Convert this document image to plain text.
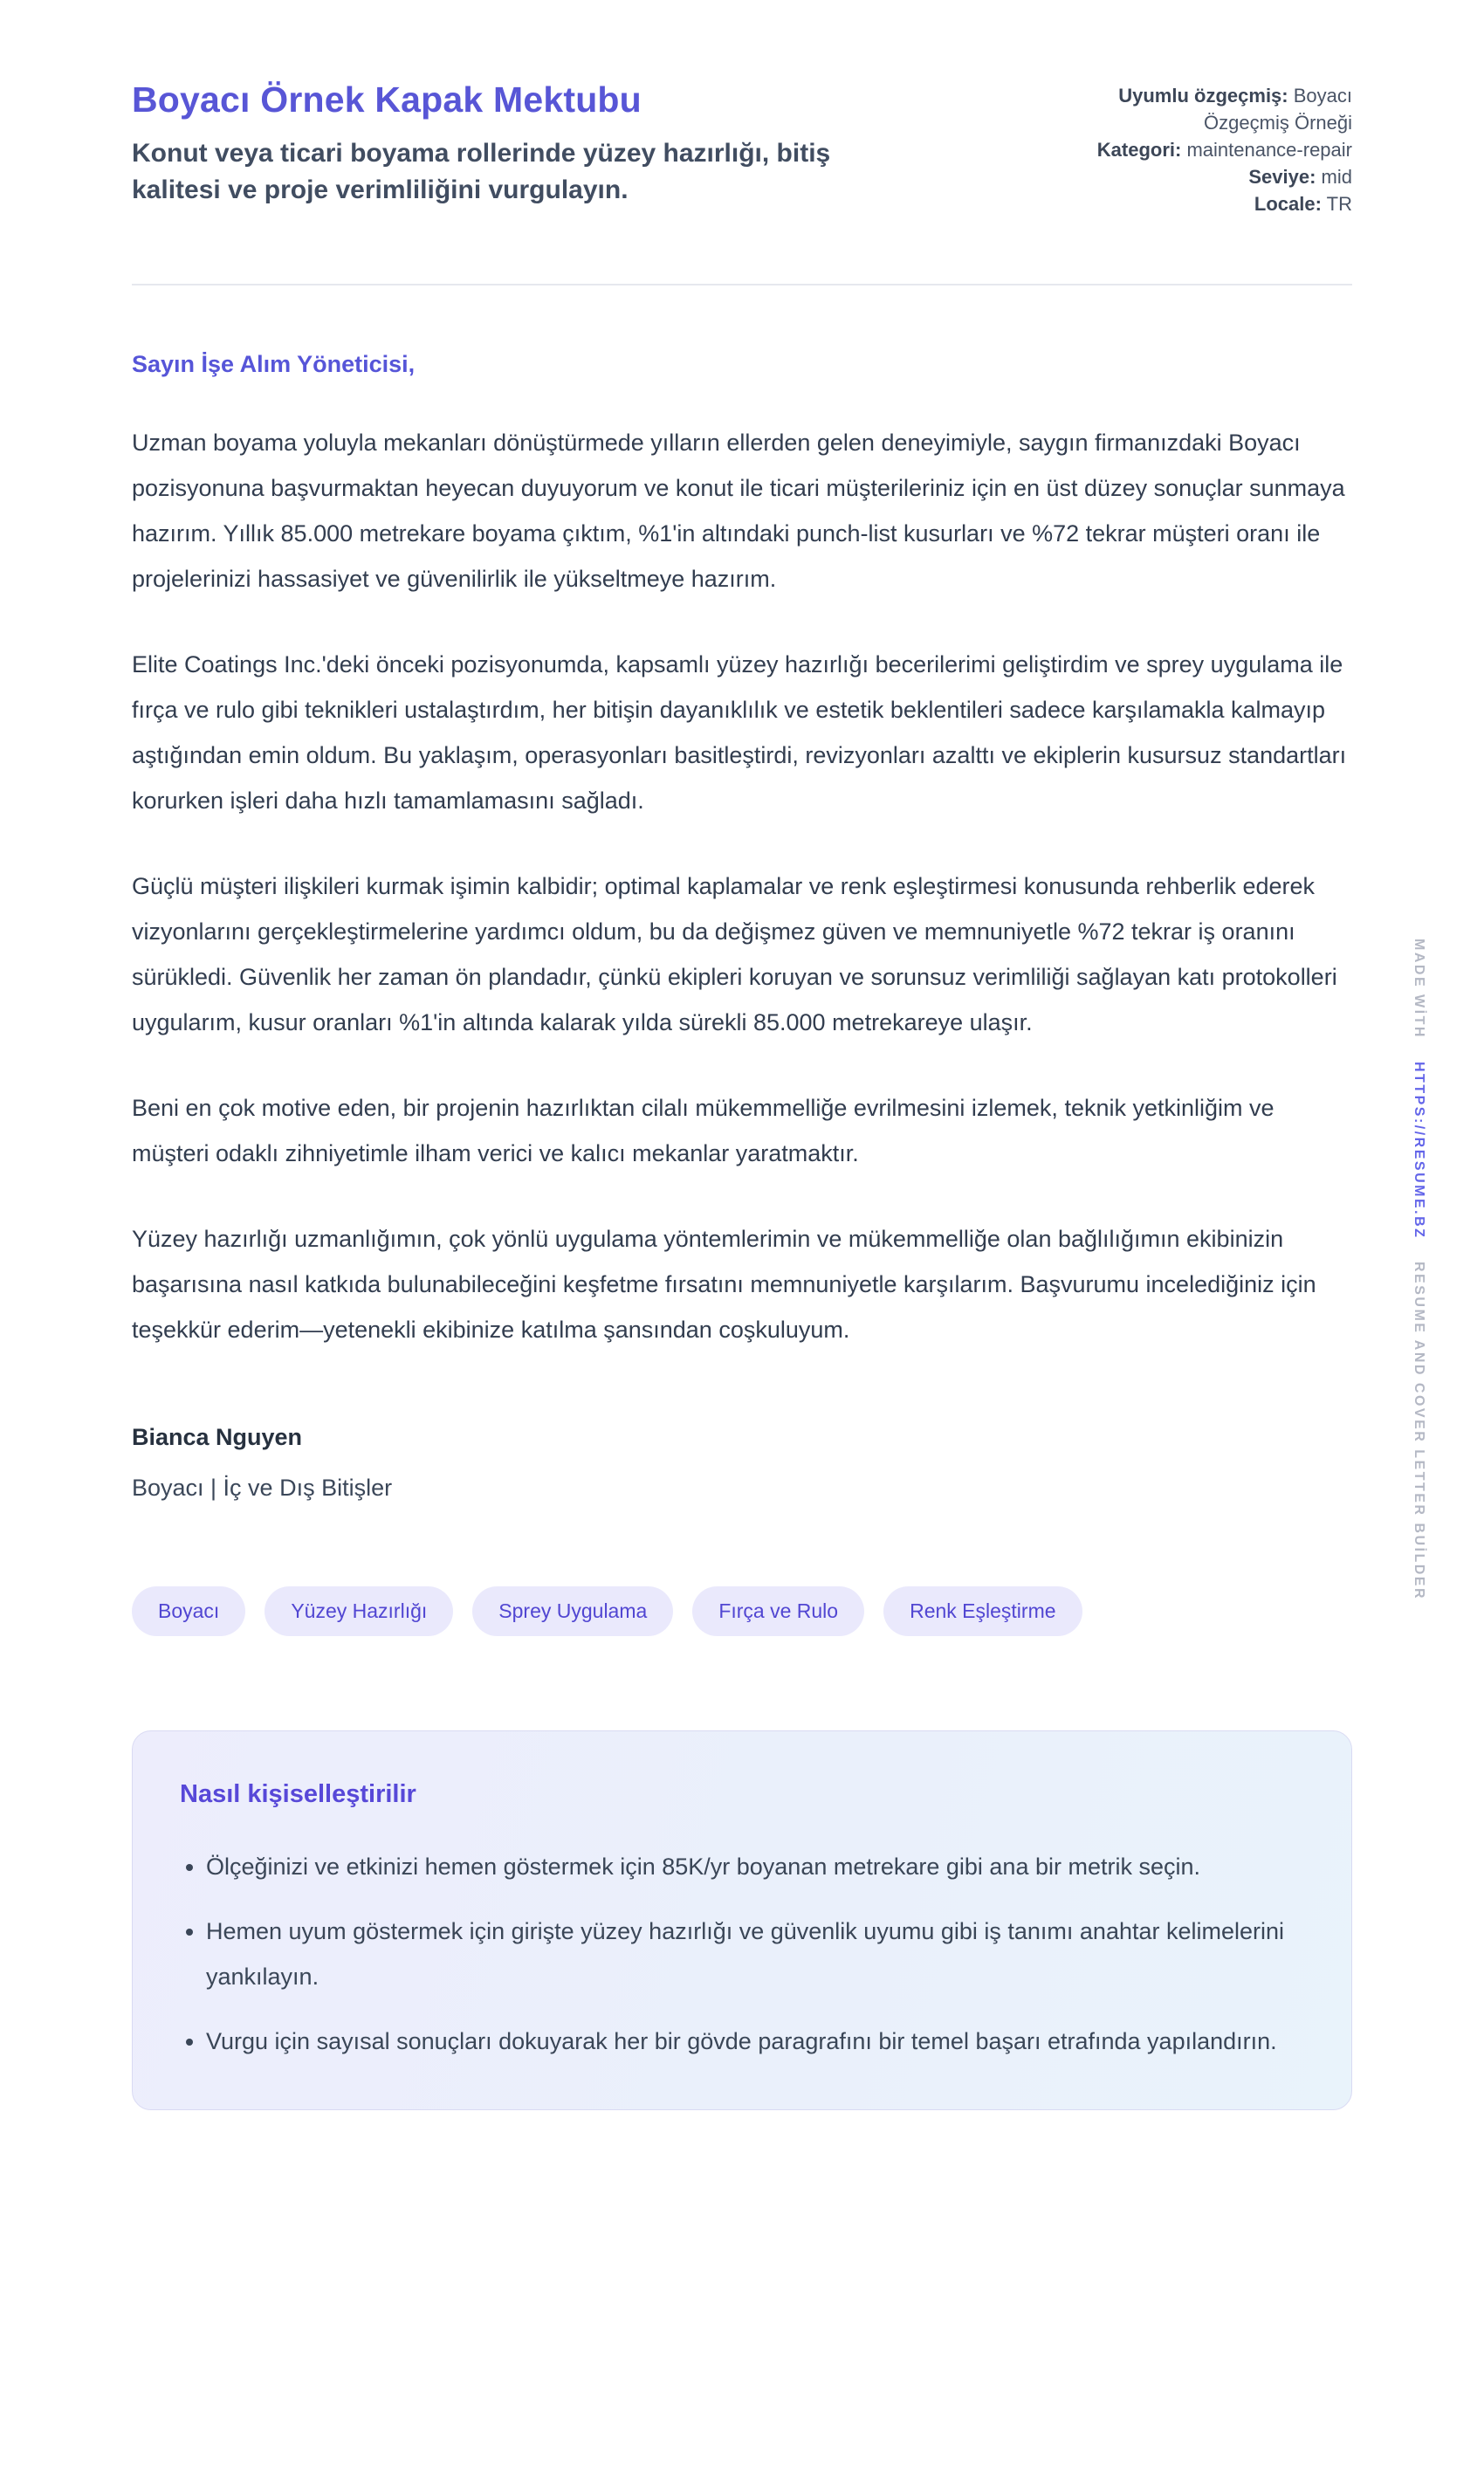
Boyacı Örnek Kapak Mektubu

Konut veya ticari boyama rollerinde yüzey hazırlığı, bitiş kalitesi ve proje verimliliğini vurgulayın.

Uyumlu özgeçmiş: Boyacı Özgeçmiş Örneği
Kategori: maintenance-repair
Seviye: mid
Locale: TR

Sayın İşe Alım Yöneticisi,

Uzman boyama yoluyla mekanları dönüştürmede yılların ellerden gelen deneyimiyle, saygın firmanızdaki Boyacı pozisyonuna başvurmaktan heyecan duyuyorum ve konut ile ticari müşterileriniz için en üst düzey sonuçlar sunmaya hazırım. Yıllık 85.000 metrekare boyama çıktım, %1'in altındaki punch-list kusurları ve %72 tekrar müşteri oranı ile projelerinizi hassasiyet ve güvenilirlik ile yükseltmeye hazırım.

Elite Coatings Inc.'deki önceki pozisyonumda, kapsamlı yüzey hazırlığı becerilerimi geliştirdim ve sprey uygulama ile fırça ve rulo gibi teknikleri ustalaştırdım, her bitişin dayanıklılık ve estetik beklentileri sadece karşılamakla kalmayıp aştığından emin oldum. Bu yaklaşım, operasyonları basitleştirdi, revizyonları azalttı ve ekiplerin kusursuz standartları korurken işleri daha hızlı tamamlamasını sağladı.

Güçlü müşteri ilişkileri kurmak işimin kalbidir; optimal kaplamalar ve renk eşleştirmesi konusunda rehberlik ederek vizyonlarını gerçekleştirmelerine yardımcı oldum, bu da değişmez güven ve memnuniyetle %72 tekrar iş oranını sürükledi. Güvenlik her zaman ön plandadır, çünkü ekipleri koruyan ve sorunsuz verimliliği sağlayan katı protokolleri uygularım, kusur oranları %1'in altında kalarak yılda sürekli 85.000 metrekareye ulaşır.

Beni en çok motive eden, bir projenin hazırlıktan cilalı mükemmelliğe evrilmesini izlemek, teknik yetkinliğim ve müşteri odaklı zihniyetimle ilham verici ve kalıcı mekanlar yaratmaktır.

Yüzey hazırlığı uzmanlığımın, çok yönlü uygulama yöntemlerimin ve mükemmelliğe olan bağlılığımın ekibinizin başarısına nasıl katkıda bulunabileceğini keşfetme fırsatını memnuniyetle karşılarım. Başvurumu incelediğiniz için teşekkür ederim—yetenekli ekibinize katılma şansından coşkuluyum.

Bianca Nguyen

Boyacı | İç ve Dış Bitişler

Boyacı	Yüzey Hazırlığı	Sprey Uygulama	Fırça ve Rulo	Renk Eşleştirme
Nasıl kişiselleştirilir
• Ölçeğinizi ve etkinizi hemen göstermek için 85K/yr boyanan metrekare gibi ana bir metrik seçin.
• Hemen uyum göstermek için girişte yüzey hazırlığı ve güvenlik uyumu gibi iş tanımı anahtar kelimelerini yankılayın.
• Vurgu için sayısal sonuçları dokuyarak her bir gövde paragrafını bir temel başarı etrafında yapılandırın.
MADE WİTH
HTTPS://RESUME.BZ
RESUME AND COVER LETTER BUİLDER
